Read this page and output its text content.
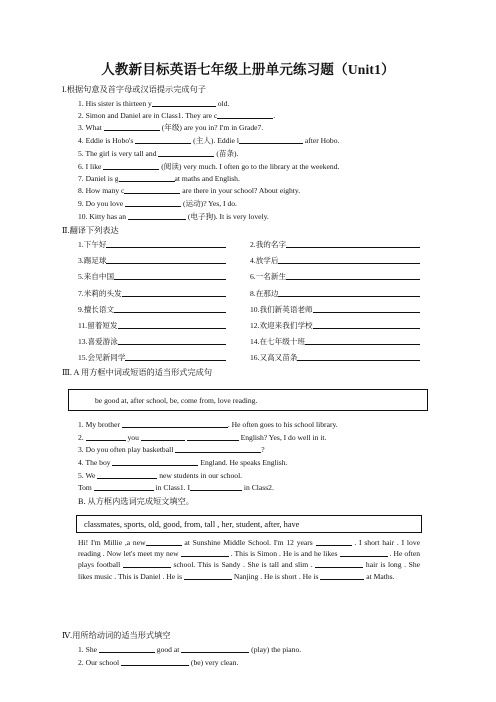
人教新目标英语七年级上册单元练习题（Unit1）
I.根据句意及首字母或汉语提示完成句子
1. His sister is thirteen y	old.
2. Simon and Daniel are in Class1. They are c	.
3. What	(年级) are you in? I'm in Grade7.
4. Eddie is Hobo's	(主人). Eddie l	after Hobo.
5. The girl is very tall and	(苗条).
6. I like	(阅读) very much. I often go to the library at the weekend.
7. Daniel is g	at maths and English.
8. How many c	are there in your school? About eighty.
9. Do you love	(运动)? Yes, I do.
10. Kitty has an	(电子狗). It is very lovely.
Ⅱ.翻译下列表达
1.下午好	2.我的名字
3.踢足球	4.放学后
5.来自中国	6.一名新生
7.米莉的头发	8.在那边
9.擅长语文	10.我们新英语老师
11.留着短发	12.欢迎来我们学校
13.喜爱游泳	14.在七年级十班
15.会见新同学	16.又高又苗条
Ⅲ. A 用方框中词或短语的适当形式完成句
be good at, after school, be, come from, love reading.
1. My brother	. He often goes to his school library.
2.	you	English? Yes, I do well in it.
3. Do you often play basketball	?
4. The boy	England. He speaks English.
5. We	new students in our school.
Tom	in Class1. I	in Class2.
B. 从方框内选词完成短文填空。
classmates, sports, old, good, from, tall , her, student, after, have
Hi! I'm Millie ,a new	at Sunshine Middle School. I'm 12 years	. I short hair . I love reading . Now let's meet my new	. This is Simon . He is and he likes	. He often plays football	school. This is Sandy . She is tall and slim .	hair is long . She likes music . This is Daniel . He is	Nanjing . He is short . He is	at Maths.
Ⅳ.用所给动词的适当形式填空
1. She	good at	(play) the piano.
2. Our school	(be) very clean.
